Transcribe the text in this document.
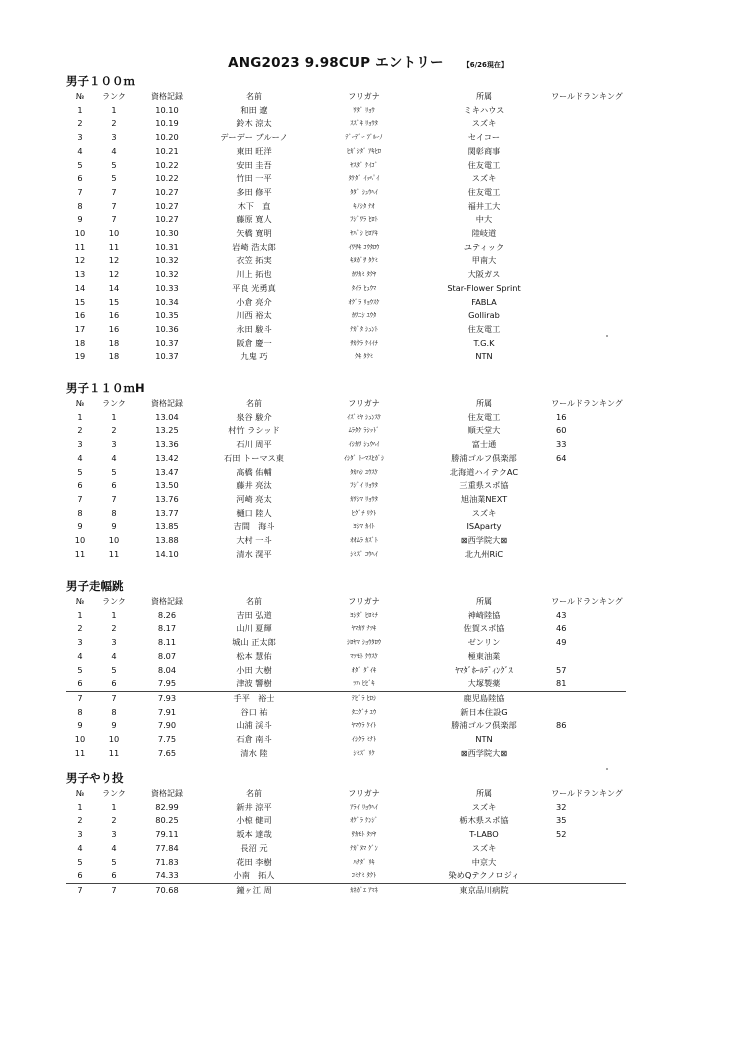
ANG2023 9.98CUP エントリー	【6/26現在】
男子１００ｍ
№	ランク	資格記録	名前	フリガナ	所属	ワールドランキング
1	1	10.10	和田 遼	ﾜﾀﾞ ﾘｮｳ	ミキハウス	
2	2	10.19	鈴木 涼太	ｽｽﾞｷ ﾘｮｳﾀ	スズキ	
3	3	10.20	デーデー ブルーノ	ﾃﾞｰﾃﾞｰ ﾌﾞﾙｰﾉ	セイコー	
4	4	10.21	東田 旺洋	ﾋｶﾞｼﾀﾞ ｱｷﾋﾛ	関彰商事	
5	5	10.22	安田 圭吾	ﾔｽﾀﾞ ｹｲｺﾞ	住友電工	
6	5	10.22	竹田 一平	ﾀｹﾀﾞ ｲｯﾍﾟｲ	スズキ	
7	7	10.27	多田 修平	ﾀﾀﾞ ｼｭｳﾍｲ	住友電工	
8	7	10.27	木下　直	ｷﾉｼﾀ ﾅｵ	福井工大	
9	7	10.27	藤原 寛人	ﾌｼﾞﾜﾗ ﾋﾛﾄ	中大	
10	10	10.30	矢橋 寛明	ﾔﾊﾞｼ ﾋﾛｱｷ	陸岐道	
11	11	10.31	岩崎 浩太郎	ｲﾜｻｷ ｺｳﾀﾛｳ	ユティック	
12	12	10.32	衣笠 拓実	ｷﾇｶﾞｻ ﾀｸﾐ	甲南大	
13	12	10.32	川上 拓也	ｶﾜｶﾐ ﾀｸﾔ	大阪ガス	
14	14	10.33	平良 光勇真	ﾀｲﾗ ﾋｭｳﾏ	Star-Flower Sprint	
15	15	10.34	小倉 亮介	ｵｸﾞﾗ ﾘｮｳｽｹ	FABLA	
16	16	10.35	川西 裕太	ｶﾜﾆｼ ﾕｳﾀ	Gollirab	
17	16	10.36	永田 駿斗	ﾅｶﾞﾀ ｼｭﾝﾄ	住友電工	
18	18	10.37	阪倉 慶一	ｻｶｸﾗ ｹｲｲﾁ	T.G.K	
19	18	10.37	九鬼 巧	ｸｷ ﾀｸﾐ	NTN	
男子１１０ｍH
№	ランク	資格記録	名前	フリガナ	所属	ワールドランキング
1	1	13.04	泉谷 駿介	ｲｽﾞﾐﾔ ｼｭﾝｽｹ	住友電工	16
2	2	13.25	村竹 ラシッド	ﾑﾗﾀｹ ﾗｼｯﾄﾞ	順天堂大	60
3	3	13.36	石川 周平	ｲｼｶﾜ ｼｭｳﾍｲ	富士通	33
4	4	13.42	石田 トーマス東	ｲｼﾀﾞ ﾄｰﾏｽﾋｶﾞｼ	勝浦ゴルフ倶楽部	64
5	5	13.47	髙橋 佑輔	ﾀｶﾊｼ ﾕｳｽｹ	北海道ハイテクAC	
6	6	13.50	藤井 亮汰	ﾌｼﾞｲ ﾘｮｳﾀ	三重県スポ協	
7	7	13.76	河崎 亮太	ｶﾜｼﾏ ﾘｮｳﾀ	旭油業NEXT	
8	8	13.77	樋口 陸人	ﾋｸﾞﾁ ﾘｸﾄ	スズキ	
9	9	13.85	吉間　海斗	ﾖｼﾏ ｶｲﾄ	ISAparty	
10	10	13.88	大村 一斗	ｵｵﾑﾗ ｶｽﾞﾄ	⊠西学院大⊠	
11	11	14.10	清水 滉平	ｼﾐｽﾞ ｺｳﾍｲ	北九州RiC	
男子走幅跳
№	ランク	資格記録	名前	フリガナ	所属	ワールドランキング
1	1	8.26	吉田 弘道	ﾖｼﾀﾞ ﾋﾛﾐﾁ	神崎陸協	43
2	2	8.17	山川 夏輝	ﾔﾏｶﾜ ﾅﾂｷ	佐賀スポ協	46
3	3	8.11	城山 正太郎	ｼﾛﾔﾏ ｼｮｳﾀﾛｳ	ゼンリン	49
4	4	8.07	松本 慧佑	ﾏﾂﾓﾄ ｹｳｽｹ	極東油業	
5	5	8.04	小田 大樹	ｵﾀﾞ ﾀﾞｲｷ	ﾔﾏﾀﾞﾎｰﾙﾃﾞｨﾝｸﾞｽ	57
6	6	7.95	津波 響樹	ﾂﾊ ﾋﾋﾞｷ	大塚製薬	81
7	7	7.93	手平　裕士	ﾃﾋﾞﾗ ﾋﾛｼ	鹿児島陸協	
8	8	7.91	谷口 祐	ﾀﾆｸﾞﾁ ﾕｳ	新日本住設G	
9	9	7.90	山浦 渓斗	ﾔﾏｳﾗ ｹｲﾄ	勝浦ゴルフ倶楽部	86
10	10	7.75	石倉 南斗	ｲｼｸﾗ ﾐﾅﾄ	NTN	
11	11	7.65	清水 陸	ｼﾐｽﾞ ﾘｸ	⊠西学院大⊠	
男子やり投
№	ランク	資格記録	名前	フリガナ	所属	ワールドランキング
1	1	82.99	新井 涼平	ｱﾗｲ ﾘｮｳﾍｲ	スズキ	32
2	2	80.25	小椋 健司	ｵｸﾞﾗ ｹﾝｼﾞ	栃木県スポ協	35
3	3	79.11	坂本 達哉	ｻｶﾓﾄ ﾀﾂﾔ	T-LABO	52
4	4	77.84	長沼 元	ﾅｶﾞﾇﾏ ｹﾞﾝ	スズキ	
5	5	71.83	花田 李樹	ﾊﾅﾀﾞ ﾘｷ	中京大	
6	6	74.33	小南　拓人	ｺﾐﾅﾐ ﾀｸﾄ	染めQテクノロジィ	
7	7	70.68	鐘ヶ江 周	ｶﾈｶﾞｴ ｱﾏﾈ	東京品川病院	
